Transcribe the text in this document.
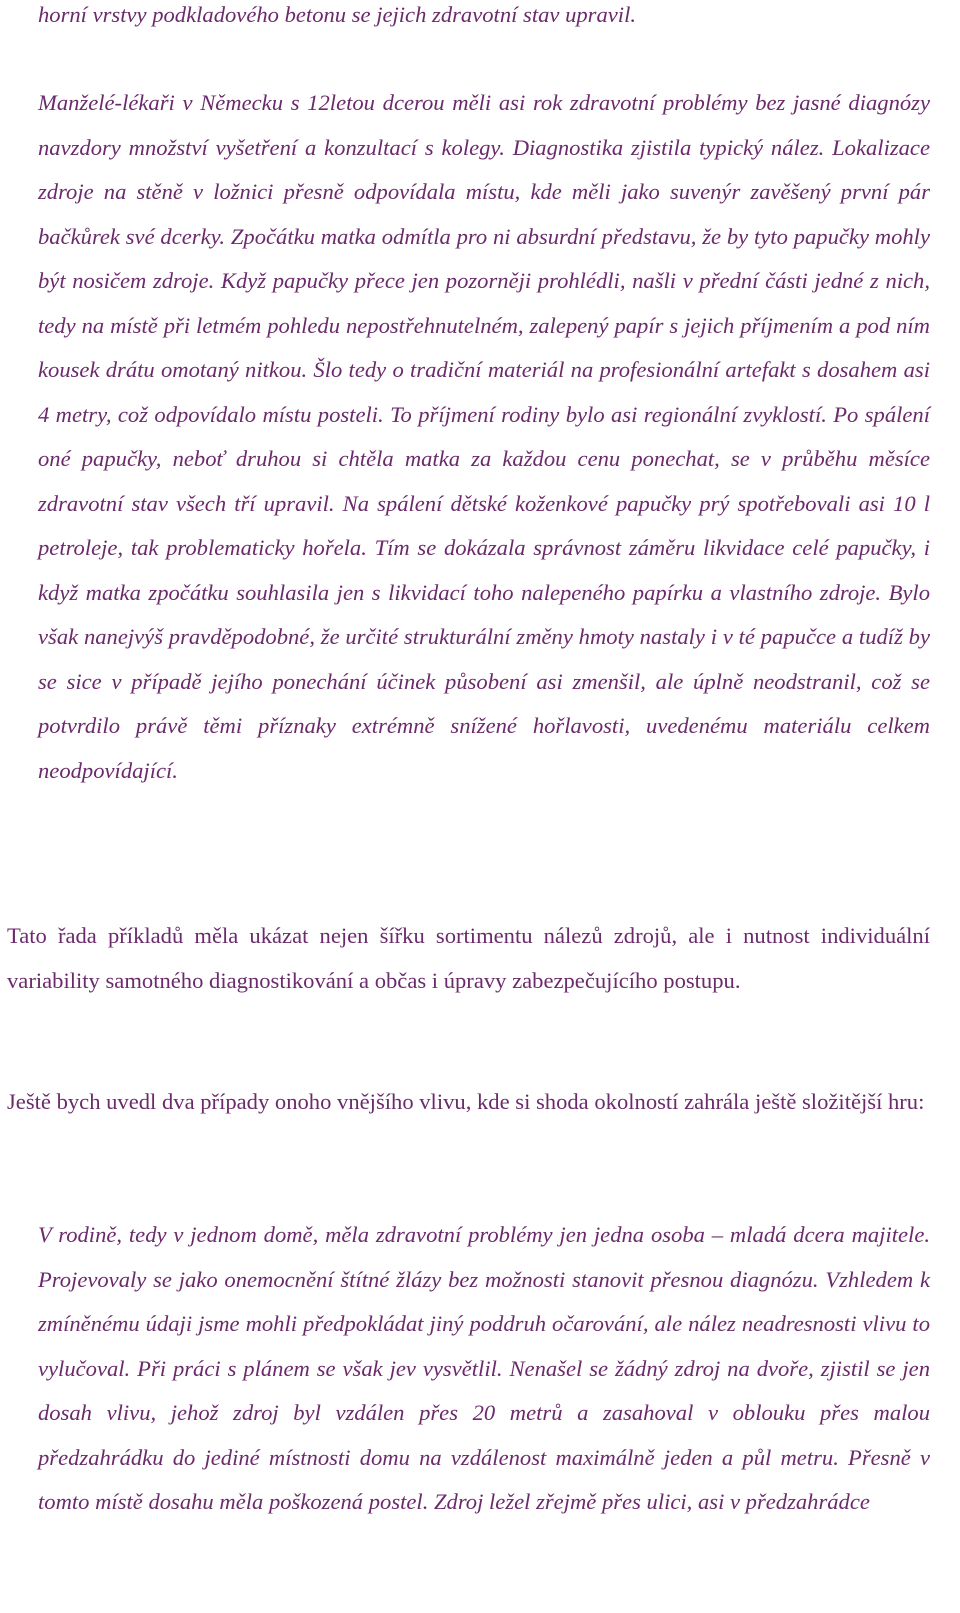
horní vrstvy podkladového betonu se jejich zdravotní stav upravil.

Manželé-lékaři v Německu s 12letou dcerou měli asi rok zdravotní problémy bez jasné diagnózy navzdory množství vyšetření a konzultací s kolegy. Diagnostika zjistila typický nález. Lokalizace zdroje na stěně v ložnici přesně odpovídala místu, kde měli jako suvenýr zavěšený první pár bačkůrek své dcerky. Zpočátku matka odmítla pro ni absurdní představu, že by tyto papučky mohly být nosičem zdroje. Když papučky přece jen pozorněji prohlédli, našli v přední části jedné z nich, tedy na místě při letmém pohledu nepostřehnutelném, zalepený papír s jejich příjmením a pod ním kousek drátu omotaný nitkou. Šlo tedy o tradiční materiál na profesionální artefakt s dosahem asi 4 metry, což odpovídalo místu posteli. To příjmení rodiny bylo asi regionální zvyklostí. Po spálení oné papučky, neboť druhou si chtěla matka za každou cenu ponechat, se v průběhu měsíce zdravotní stav všech tří upravil. Na spálení dětské koženkové papučky prý spotřebovali asi 10 l petroleje, tak problematicky hořela. Tím se dokázala správnost záměru likvidace celé papučky, i když matka zpočátku souhlasila jen s likvidací toho nalepeného papírku a vlastního zdroje. Bylo však nanejvýš pravděpodobné, že určité strukturální změny hmoty nastaly i v té papučce a tudíž by se sice v případě jejího ponechání účinek působení asi zmenšil, ale úplně neodstranil, což se potvrdilo právě těmi příznaky extrémně snížené hořlavosti, uvedenému materiálu celkem neodpovídající.

Tato řada příkladů měla ukázat nejen šířku sortimentu nálezů zdrojů, ale i nutnost individuální variability samotného diagnostikování a občas i úpravy zabezpečujícího postupu.

Ještě bych uvedl dva případy onoho vnějšího vlivu, kde si shoda okolností zahrála ještě složitější hru:

V rodině, tedy v jednom domě, měla zdravotní problémy jen jedna osoba – mladá dcera majitele. Projevovaly se jako onemocnění štítné žlázy bez možnosti stanovit přesnou diagnózu. Vzhledem k zmíněnému údaji jsme mohli předpokládat jiný poddruh očarování, ale nález neadresnosti vlivu to vylučoval. Při práci s plánem se však jev vysvětlil. Nenašel se žádný zdroj na dvoře, zjistil se jen dosah vlivu, jehož zdroj byl vzdálen přes 20 metrů a zasahoval v oblouku přes malou předzahrádku do jediné místnosti domu na vzdálenost maximálně jeden a půl metru. Přesně v tomto místě dosahu měla poškozená postel. Zdroj ležel zřejmě přes ulici, asi v předzahrádce
